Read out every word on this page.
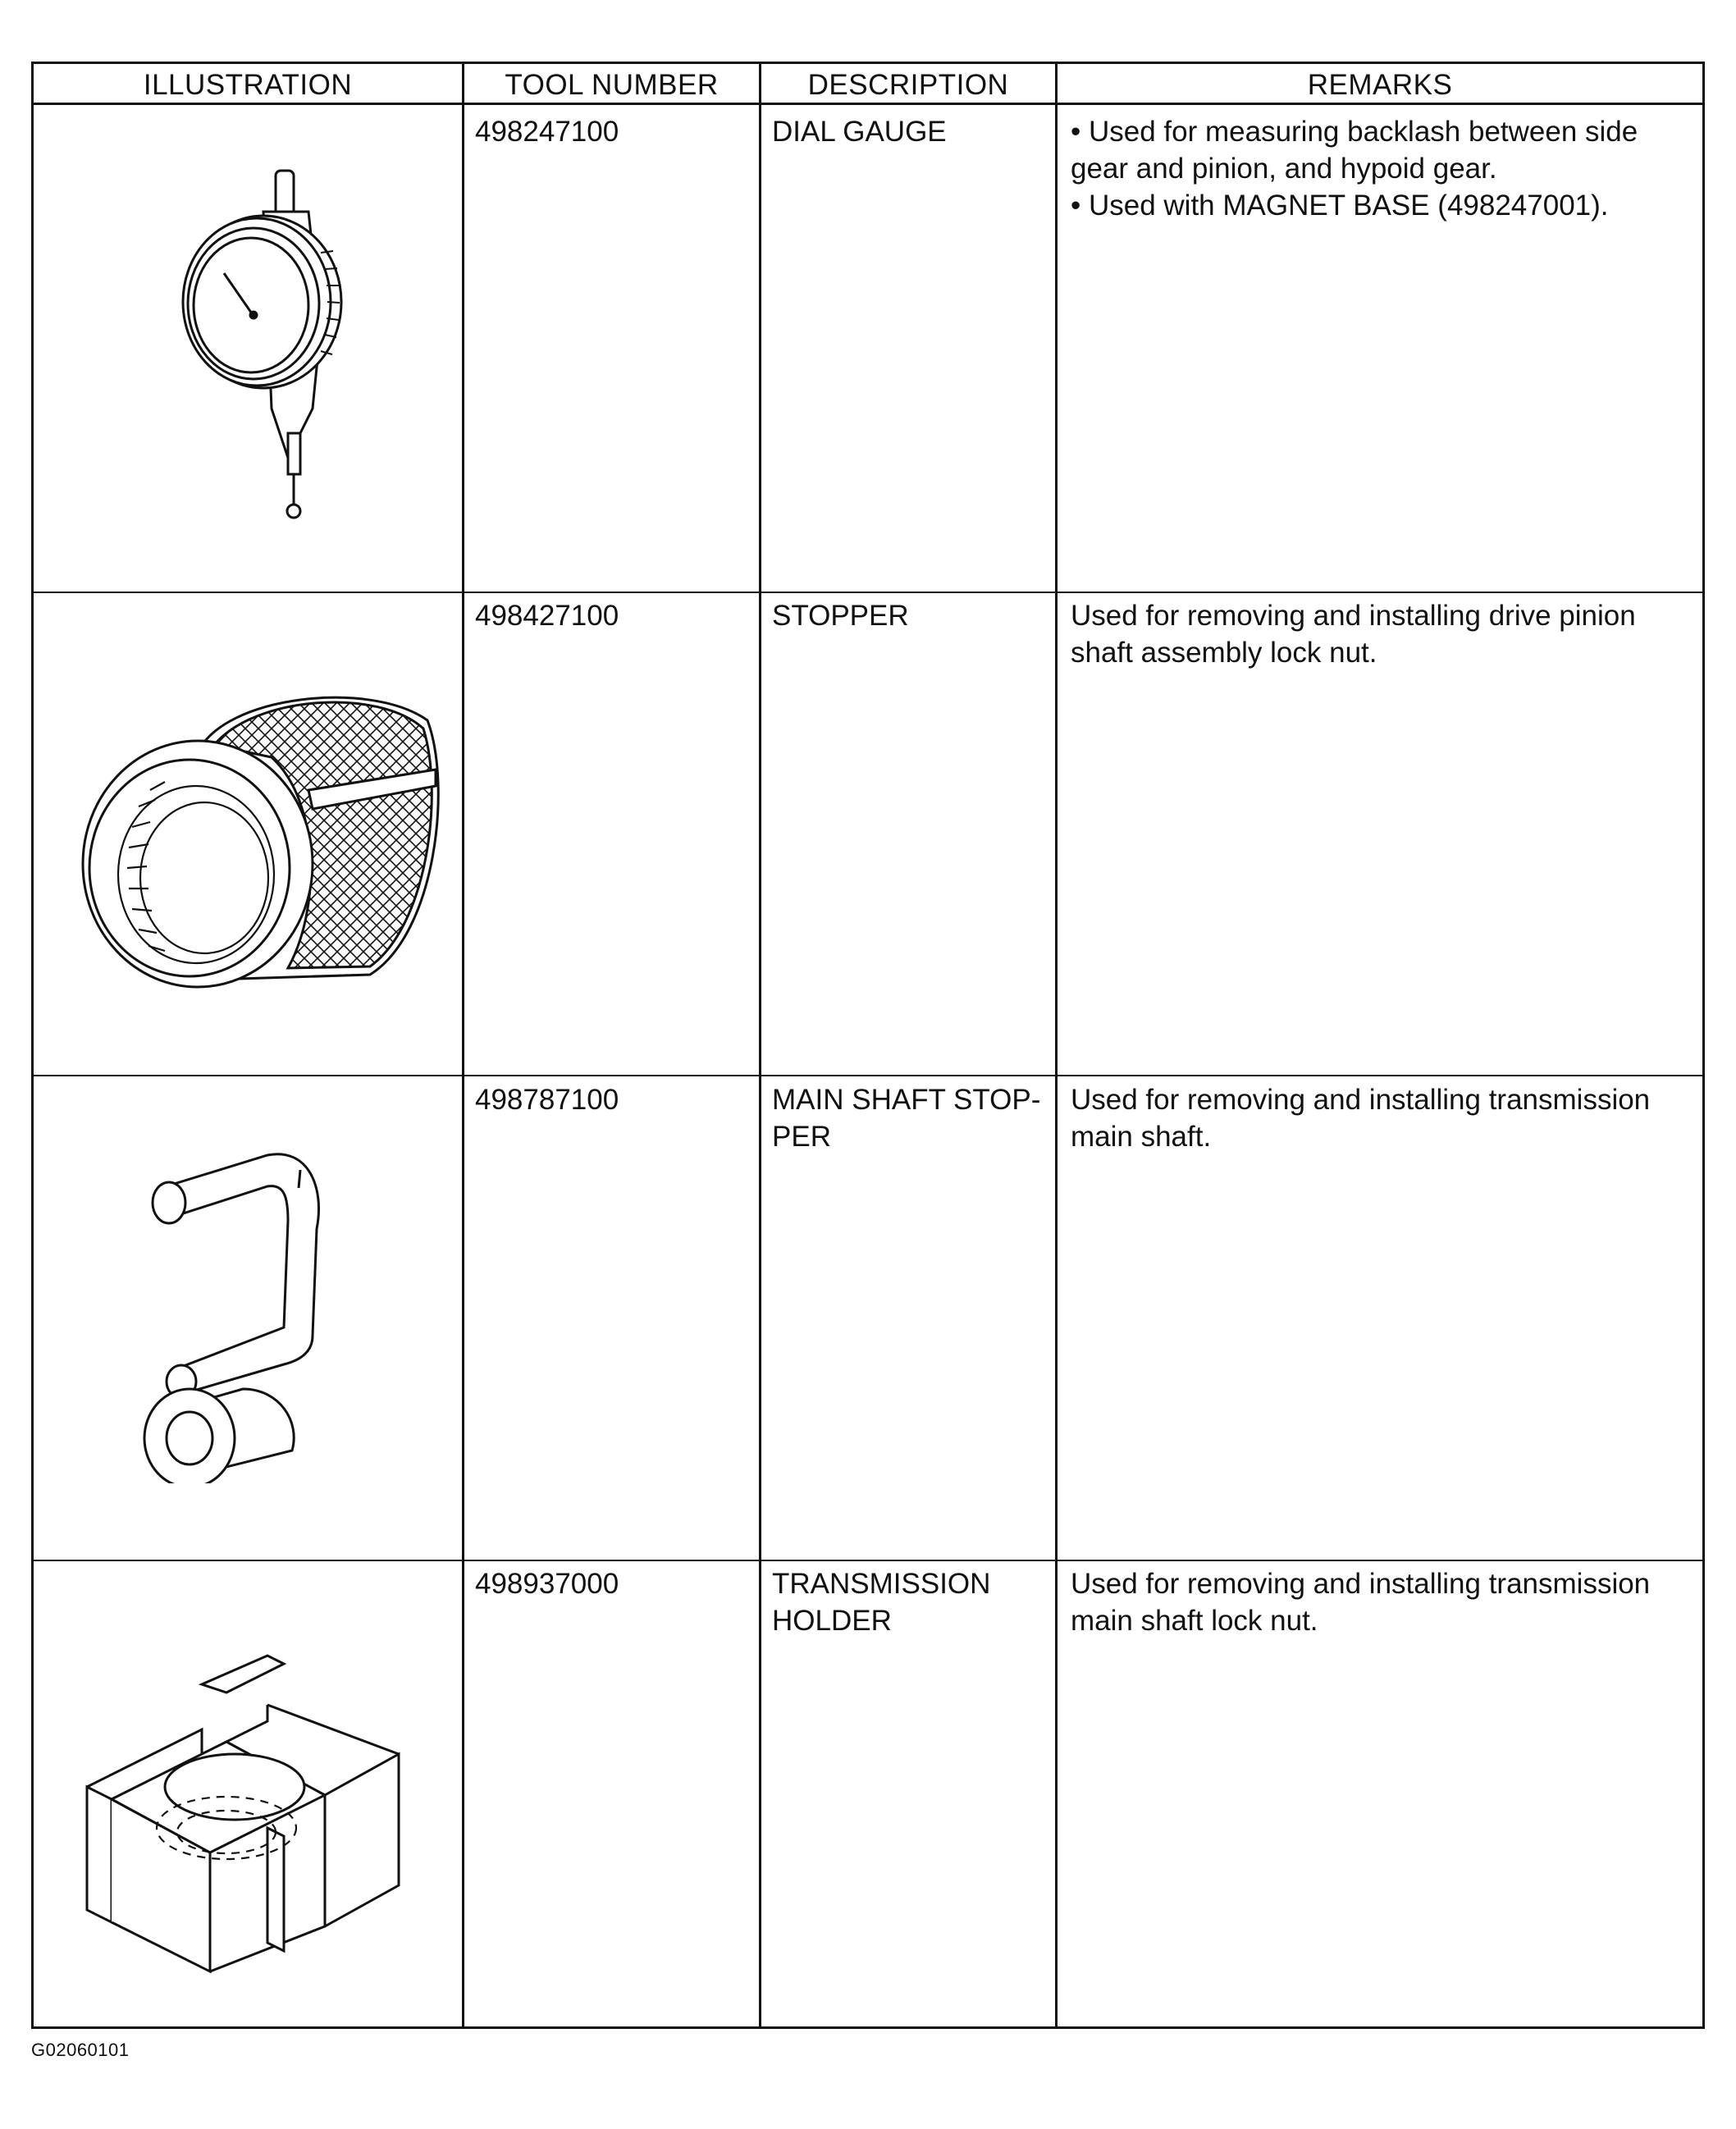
ILLUSTRATION	TOOL NUMBER	DESCRIPTION	REMARKS
498247100	DIAL GAUGE	• Used for measuring backlash between side
gear and pinion, and hypoid gear.
• Used with MAGNET BASE (498247001).
498427100	STOPPER	Used for removing and installing drive pinion
shaft assembly lock nut.
498787100	MAIN SHAFT STOP-
PER
Used for removing and installing transmission
main shaft.
498937000	TRANSMISSION
HOLDER
Used for removing and installing transmission
main shaft lock nut.
G02060101
